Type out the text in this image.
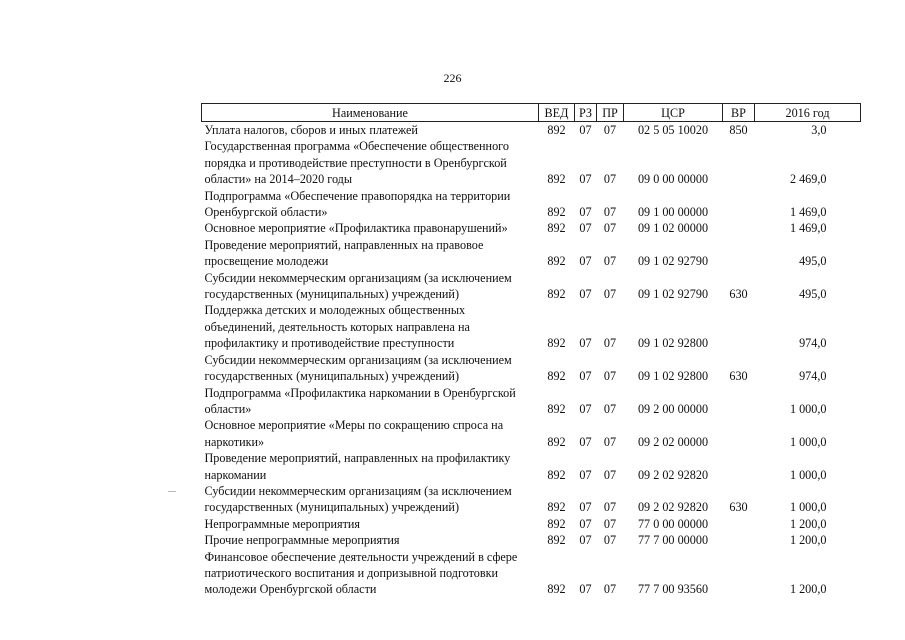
226
Наименование	ВЕД	РЗ	ПР	ЦСР	ВР	2016 год
Уплата налогов, сборов и иных платежей	892	07	07	02 5 05 10020	850	3,0
Государственная программа «Обеспечение общественного порядка и противодействие преступности в Оренбургской области» на 2014–2020 годы	892	07	07	09 0 00 00000		2 469,0
Подпрограмма «Обеспечение правопорядка на территории Оренбургской области»	892	07	07	09 1 00 00000		1 469,0
Основное мероприятие «Профилактика правонарушений»	892	07	07	09 1 02 00000		1 469,0
Проведение мероприятий, направленных на правовое просвещение молодежи	892	07	07	09 1 02 92790		495,0
Субсидии некоммерческим организациям (за исключением государственных (муниципальных) учреждений)	892	07	07	09 1 02 92790	630	495,0
Поддержка детских и молодежных общественных объединений, деятельность которых направлена на профилактику и противодействие преступности	892	07	07	09 1 02 92800		974,0
Субсидии некоммерческим организациям (за исключением государственных (муниципальных) учреждений)	892	07	07	09 1 02 92800	630	974,0
Подпрограмма «Профилактика наркомании в Оренбургской области»	892	07	07	09 2 00 00000		1 000,0
Основное мероприятие «Меры по сокращению спроса на наркотики»	892	07	07	09 2 02 00000		1 000,0
Проведение мероприятий, направленных на профилактику наркомании	892	07	07	09 2 02 92820		1 000,0
Субсидии некоммерческим организациям (за исключением государственных (муниципальных) учреждений)	892	07	07	09 2 02 92820	630	1 000,0
Непрограммные мероприятия	892	07	07	77 0 00 00000		1 200,0
Прочие непрограммные мероприятия	892	07	07	77 7 00 00000		1 200,0
Финансовое обеспечение деятельности учреждений в сфере патриотического воспитания и допризывной подготовки молодежи Оренбургской области	892	07	07	77 7 00 93560		1 200,0
